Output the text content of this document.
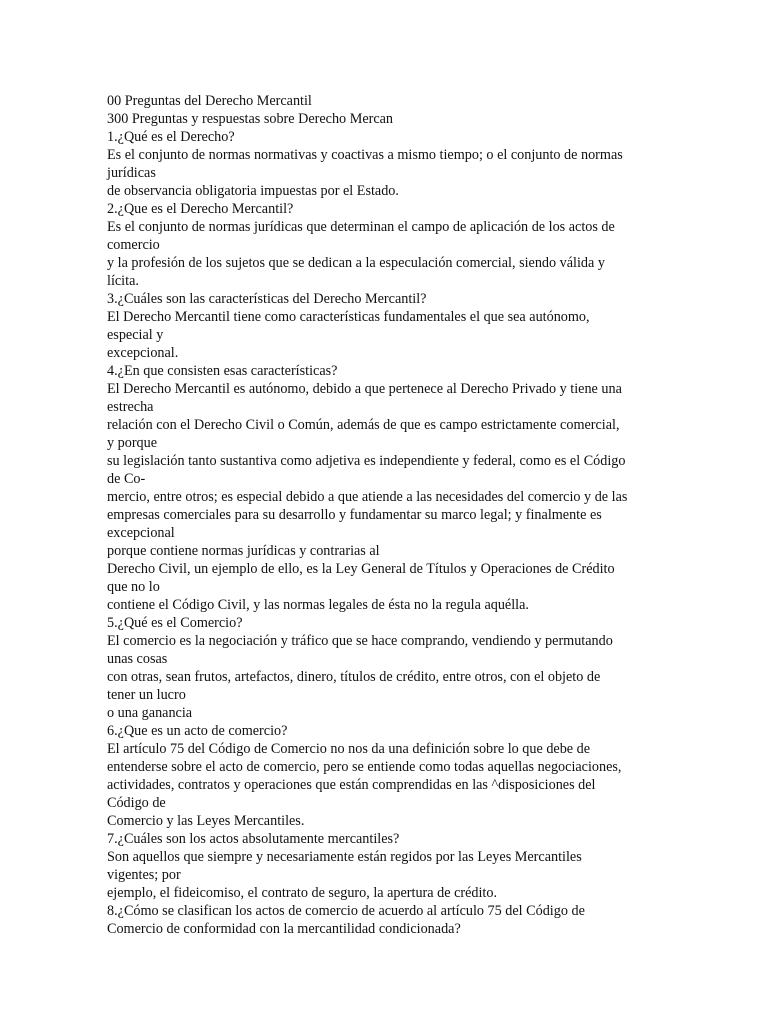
00 Preguntas del Derecho Mercantil
300 Preguntas y respuestas sobre Derecho Mercan
1.¿Qué es el Derecho?
Es el conjunto de normas normativas y coactivas a mismo tiempo; o el conjunto de normas
jurídicas
de observancia obligatoria impuestas por el Estado.
2.¿Que es el Derecho Mercantil?
Es el conjunto de normas jurídicas que determinan el campo de aplicación de los actos de
comercio
y la profesión de los sujetos que se dedican a la especulación comercial, siendo válida y
lícita.
3.¿Cuáles son las características del Derecho Mercantil?
El Derecho Mercantil tiene como características fundamentales el que sea autónomo,
especial y
excepcional.
4.¿En que consisten esas características?
El Derecho Mercantil es autónomo, debido a que pertenece al Derecho Privado y tiene una
estrecha
relación con el Derecho Civil o Común, además de que es campo estrictamente comercial,
y porque
su legislación tanto sustantiva como adjetiva es independiente y federal, como es el Código
de Co-
mercio, entre otros; es especial debido a que atiende a las necesidades del comercio y de las
empresas comerciales para su desarrollo y fundamentar su marco legal; y finalmente es
excepcional
porque contiene normas jurídicas y contrarias al
Derecho Civil, un ejemplo de ello, es la Ley General de Títulos y Operaciones de Crédito
que no lo
contiene el Código Civil, y las normas legales de ésta no la regula aquélla.
5.¿Qué es el Comercio?
El comercio es la negociación y tráfico que se hace comprando, vendiendo y permutando
unas cosas
con otras, sean frutos, artefactos, dinero, títulos de crédito, entre otros, con el objeto de
tener un lucro
o una ganancia
6.¿Que es un acto de comercio?
El artículo 75 del Código de Comercio no nos da una definición sobre lo que debe de
entenderse sobre el acto de comercio, pero se entiende como todas aquellas negociaciones,
actividades, contratos y operaciones que están comprendidas en las ^disposiciones del
Código de
Comercio y las Leyes Mercantiles.
7.¿Cuáles son los actos absolutamente mercantiles?
Son aquellos que siempre y necesariamente están regidos por las Leyes Mercantiles
vigentes; por
ejemplo, el fideicomiso, el contrato de seguro, la apertura de crédito.
8.¿Cómo se clasifican los actos de comercio de acuerdo al artículo 75 del Código de
Comercio de conformidad con la mercantilidad condicionada?
